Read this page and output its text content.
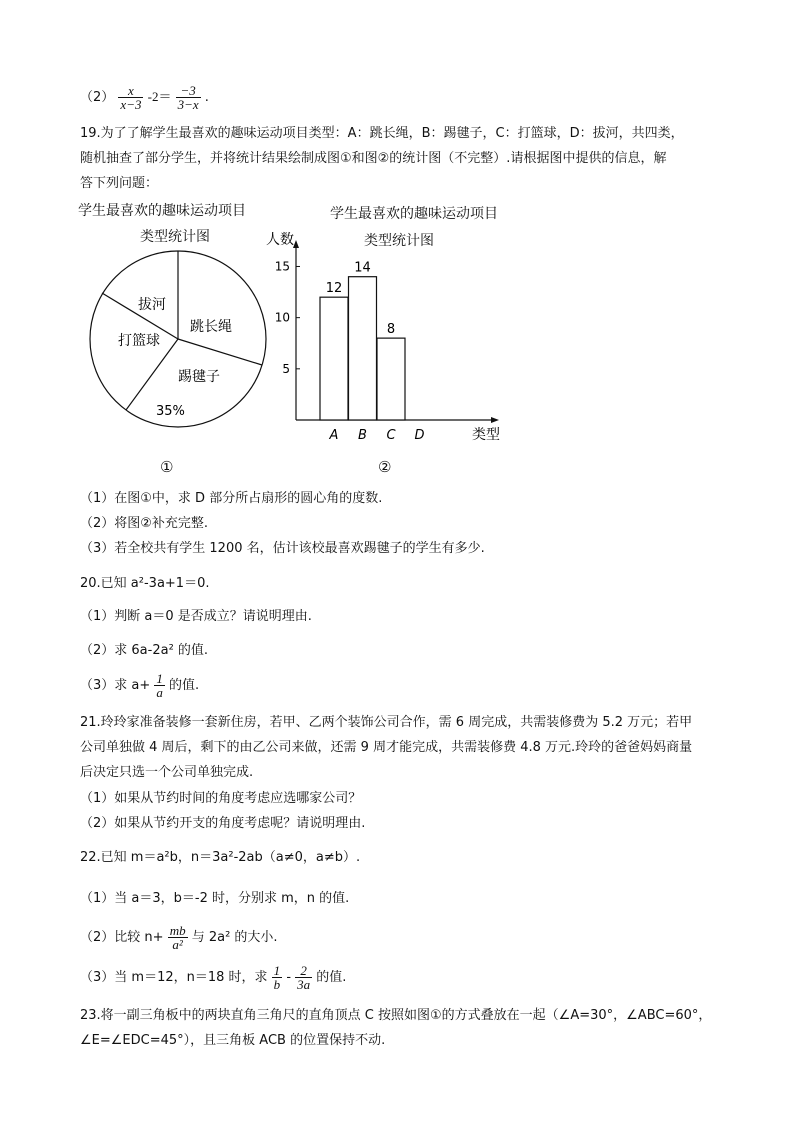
$(2) \frac{x}{x-3} -2= \frac{-3}{3-x}$ .
19.为了了解学生最喜欢的趣味运动项目类型：A：跳长绳，B：踢毽子，C：打篮球，D：拔河，共四类，
随机抽查了部分学生，并将统计结果绘制成图①和图②的统计图（不完整）.请根据图中提供的信息，解
答下列问题：
学生最喜欢的趣味运动项目
类型统计图
拔河
跳长绳
打篮球
踢毽子
35%
①
学生最喜欢的趣味运动项目
类型统计图
人数
类型
5
10
15
12
A
14
B
8
C D
②
（1）在图①中，求 D 部分所占扇形的圆心角的度数.
（2）将图②补充完整.
（3）若全校共有学生 1200 名，估计该校最喜欢踢毽子的学生有多少.
20.已知 a²-3a+1＝0.
（1）判断 a＝0 是否成立？请说明理由.
（2）求 6a-2a² 的值.
（3）求 $a+ \frac{1}{a}$ 的值.
21.玲玲家准备装修一套新住房，若甲、乙两个装饰公司合作，需 6 周完成，共需装修费为 5.2 万元；若甲
公司单独做 4 周后，剩下的由乙公司来做，还需 9 周才能完成，共需装修费 4.8 万元.玲玲的爸爸妈妈商量
后决定只选一个公司单独完成.
（1）如果从节约时间的角度考虑应选哪家公司？
（2）如果从节约开支的角度考虑呢？请说明理由.
22.已知 m＝a²b，n＝3a²-2ab（a≠0，a≠b）.
（1）当 a＝3，b＝-2 时，分别求 m，n 的值.
（2）比较 $n+ \frac{mb}{\text{a²}}$ 与 2a² 的大小.
（3）当 m＝12，n＝18 时，求 $\frac{1}{b} - \frac{2}{3a}$ 的值.
23.将一副三角板中的两块直角三角尺的直角顶点 C 按照如图①的方式叠放在一起（∠A=30°，∠ABC=60°，
∠E=∠EDC=45°），且三角板 ACB 的位置保持不动.
